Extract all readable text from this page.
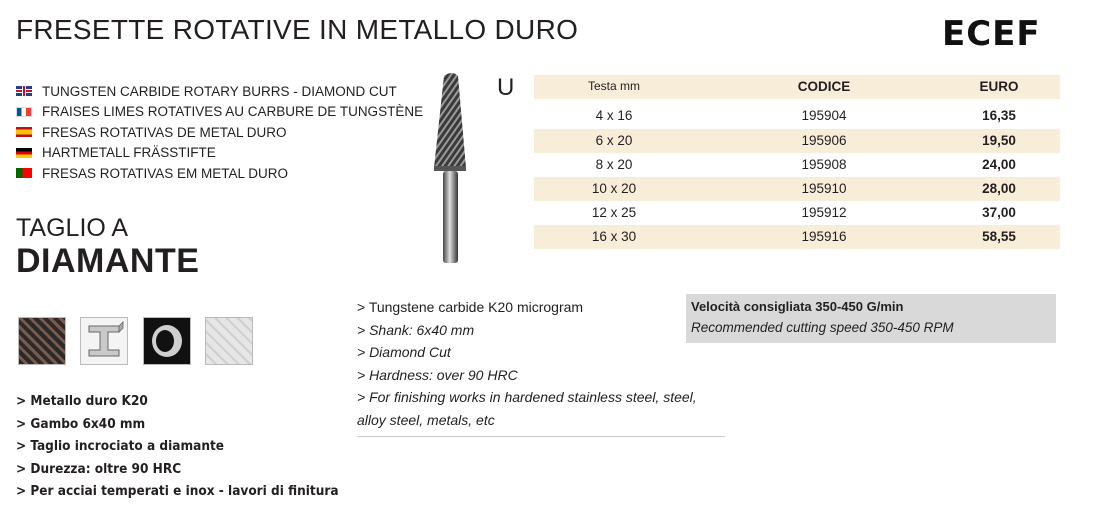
FRESETTE ROTATIVE IN METALLO DURO	ECEF
TUNGSTEN CARBIDE ROTARY BURRS - DIAMOND CUT
FRAISES LIMES ROTATIVES AU CARBURE DE TUNGSTÈNE
FRESAS ROTATIVAS DE METAL DURO
HARTMETALL FRÄSSTIFTE
FRESAS ROTATIVAS EM METAL DURO
TAGLIO A
DIAMANTE
> Metallo duro K20
> Gambo 6x40 mm
> Taglio incrociato a diamante
> Durezza: oltre 90 HRC
> Per acciai temperati e inox - lavori di finitura
U	Testa mm	CODICE	EURO
4 x 16	195904	16,35
6 x 20	195906	19,50
8 x 20	195908	24,00
10 x 20	195910	28,00
12 x 25	195912	37,00
16 x 30	195916	58,55
> Tungstene carbide K20 microgram
> Shank: 6x40 mm
> Diamond Cut
> Hardness: over 90 HRC
> For finishing works in hardened stainless steel, steel,
alloy steel, metals, etc
Velocità consigliata 350-450 G/min
Recommended cutting speed 350-450 RPM
